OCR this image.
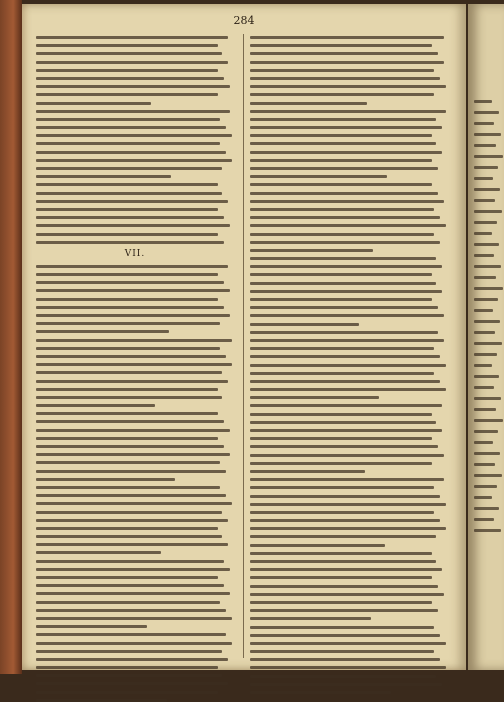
284
VII.
